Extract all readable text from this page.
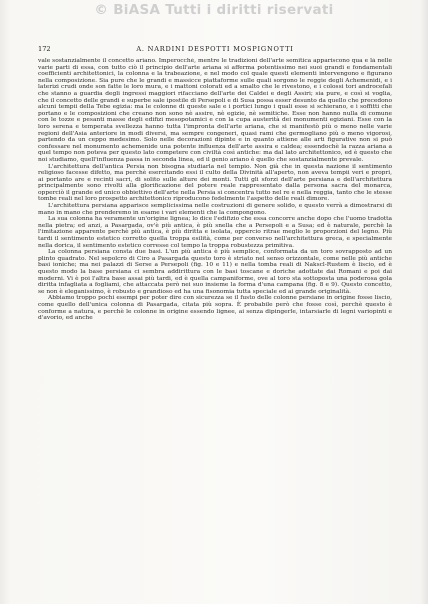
© BiASA Tutti i diritti riservati
172	A. NARDINI DESPOTTI MOSPIGNOTTI

vale sostanzialmente il concetto ariano. Imperocchè, mentre le tradizioni dell'arte semitica appariscono qua e là nelle varie parti di essa, con tutto ciò il principio dell'arte ariana si afferma potentissimo nei suoi grandi e fondamentali coefficienti architettonici, la colonna e la trabeazione, e nel modo col quale questi elementi intervengono e figurano nella composizione. Sia pure che le grandi e massicce piattaforme sulle quali sorgono le reggie degli Achemenidi, e i laterizi crudi onde son fatte le loro mura, e i mattoni colorati ed a smalto che le rivestono, e i colossi tori androcefali che stanno a guardia degli ingressi maggiori rifacciano dell'arte dei Caldei e degli Assiri; sia pure, e così si voglia, che il concetto delle grandi e superbe sale ipostile di Persepoli e di Susa possa esser desunto da quello che precedono alcuni tempii della Tebe egizia: ma le colonne di queste sale e i portici lungo i quali esse si schierano, e i soffitti che portano e le composizioni che creano non sono nè assire, nè egizie, nè semitiche. Esse non hanno nulla di comune con le tozze e pesanti masse degli edifizi mesopotamici e con la cupa austerità dei monumenti egiziani. Esse con la loro serena e temperata svellezza hanno tutta l'impronta dell'arte ariana, che si manifestò più o meno nelle varie regioni dell'Asia anteriore in modi diversi, ma sempre congeneri, quasi rami che germogliano più o meno vigorosi, partendo da un ceppo medesimo. Solo nelle decorazioni dipinte e in quanto attiene alle arti figurative non si può confessare nel monumento achemenide una potente influenza dell'arte assira e caldea; essendochè la razza ariana a quel tempo non poteva per questo lato competere con civiltà così antiche: ma dal lato architettonico, ed è questo che noi studiamo, quell'influenza passa in seconda linea, ed il genio ariano è quello che sostanzialmente prevale.

L'architettura dell'antica Persia non bisogna studiarla nel tempio. Non già che in questa nazione il sentimento religioso facesse difetto, ma perchè esercitando essi il culto della Divinità all'aperto, non aveva tempii veri e propri, ai portanto are e recinti sacri, di solito sulle alture dei monti. Tutti gli sforzi dell'arte persiana e dell'architettura principalmente sono rivolti alla glorificazione del potere reale rappresentato dalla persona sacra del monarca, opperciò il grande ed unico obbiettivo dell'arte nella Persia si concentra tutto nel re e nella reggia, tanto che le stesse tombe reali nel loro prospetto architettonico riproducono fedelmente l'aspetto delle reali dimore.

L'architettura persiana apparisce semplicissima nelle costruzioni di genere solido, e questo verrà a dimostrarsi di mano in mano che prenderemo in esame i vari elementi che la compongono.

La sua colonna ha veramente un'origine lignea; lo dice l'edifizio che essa concorre anche dopo che l'uomo tradotta nella pietra; ed anzi, a Pasargada, ov'è più antica, è più snella che a Persepoli e a Susa; ed è naturale, perchè la l'imitazione apparente perchè più antica, è più diritta e isolata, oppercio ritrae meglio le proporzioni del legno. Più tardi il sentimento estetico corretto quella troppa esilità, come per converso nell'architettura greca, e specialmente nella dorica, il sentimento estetico corresse col tempo la troppa robustezza primitiva.

La colonna persiana consta due basi. L'un più antica è più semplice, conformata da un toro sovrapposto ad un plinto quadrato. Nel sepolcro di Ciro a Pasargada questo toro è striato nel senso orizzontale, come nelle più antiche basi ioniche; ma nei palazzi di Serse a Persepoli (fig. 10 e 11) e nella tomba reali di Nakscl-Rustem è liscio, ed è questo modo la base persiana ci sembra addirittura con le basi toscane e doriche adottate dai Romani e poi dai moderni. Vi è poi l'altra base assai più tardi, ed è quella campaniforme, ove al toro sta sottoposta una poderosa gola diritta infagliata a fogliami, che attaccata però nei suo insieme la forma d'una campana (fig. 8 e 9). Questo concetto, se non è eleganissimo, è robusto e grandioso ed ha una fisonomia tutta speciale ed ai grande originalità.

Abbiamo troppo pochi esempi per poter dire con sicurezza se il fusto delle colonne persiane in origine fosse liscio, come quello dell'unica colonna di Pasargada, citata più sopra. È probabile però che fosse così, perchè questo è conforme a natura, e perchè le colonne in origine essendo lignee, ai senza dipingerle, intarsiarle di legni variopinti e d'avorio, ed anche
